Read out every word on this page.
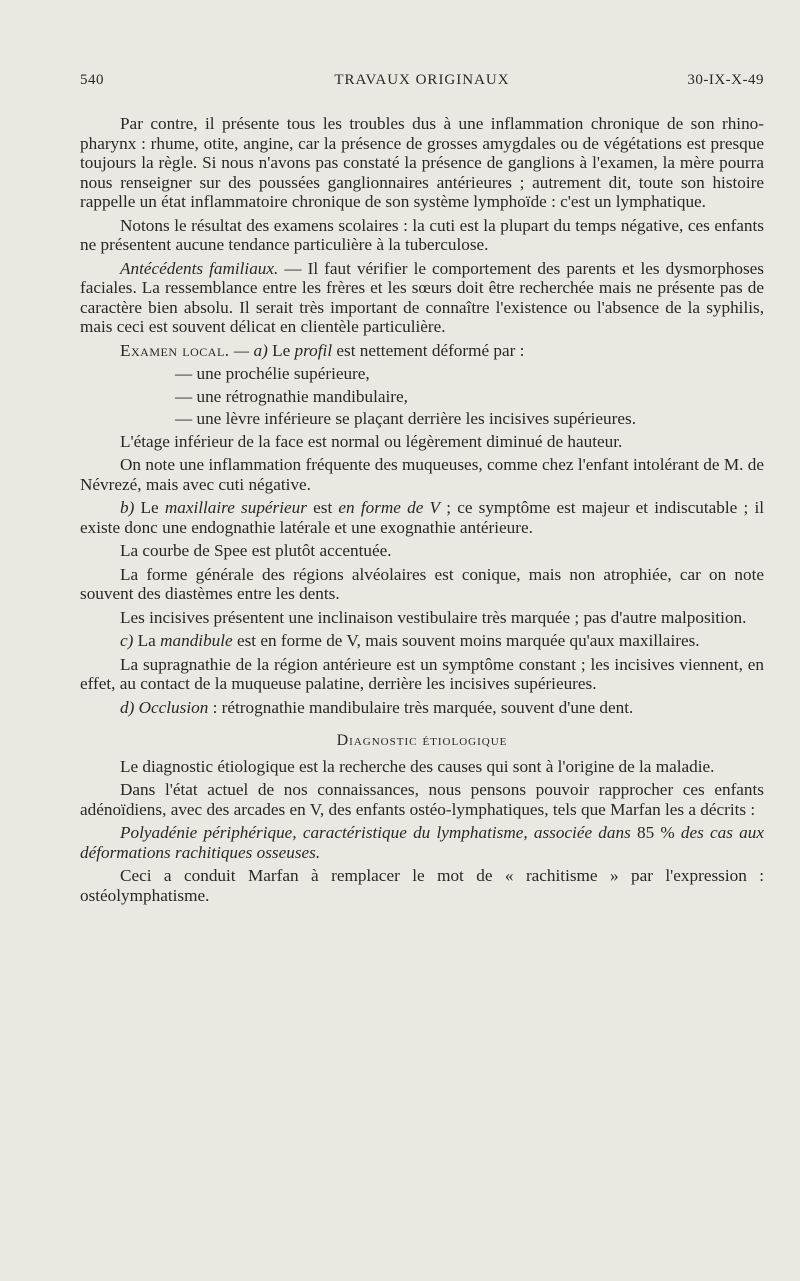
540	TRAVAUX ORIGINAUX	30-IX-X-49

Par contre, il présente tous les troubles dus à une inflammation chronique de son rhino-pharynx : rhume, otite, angine, car la présence de grosses amygdales ou de végétations est presque toujours la règle. Si nous n'avons pas constaté la présence de ganglions à l'examen, la mère pourra nous renseigner sur des poussées ganglionnaires antérieures ; autrement dit, toute son histoire rappelle un état inflammatoire chronique de son système lymphoïde : c'est un lymphatique.

Notons le résultat des examens scolaires : la cuti est la plupart du temps négative, ces enfants ne présentent aucune tendance particulière à la tuberculose.

Antécédents familiaux. — Il faut vérifier le comportement des parents et les dysmorphoses faciales. La ressemblance entre les frères et les sœurs doit être recherchée mais ne présente pas de caractère bien absolu. Il serait très important de connaître l'existence ou l'absence de la syphilis, mais ceci est souvent délicat en clientèle particulière.

Examen local. — a) Le profil est nettement déformé par :

— une prochélie supérieure,

— une rétrognathie mandibulaire,

— une lèvre inférieure se plaçant derrière les incisives supérieures.

L'étage inférieur de la face est normal ou légèrement diminué de hauteur.

On note une inflammation fréquente des muqueuses, comme chez l'enfant intolérant de M. de Névrezé, mais avec cuti négative.

b) Le maxillaire supérieur est en forme de V ; ce symptôme est majeur et indiscutable ; il existe donc une endognathie latérale et une exognathie antérieure.

La courbe de Spee est plutôt accentuée.

La forme générale des régions alvéolaires est conique, mais non atrophiée, car on note souvent des diastèmes entre les dents.

Les incisives présentent une inclinaison vestibulaire très marquée ; pas d'autre malposition.

c) La mandibule est en forme de V, mais souvent moins marquée qu'aux maxillaires.

La supragnathie de la région antérieure est un symptôme constant ; les incisives viennent, en effet, au contact de la muqueuse palatine, derrière les incisives supérieures.

d) Occlusion : rétrognathie mandibulaire très marquée, souvent d'une dent.

Diagnostic étiologique

Le diagnostic étiologique est la recherche des causes qui sont à l'origine de la maladie.

Dans l'état actuel de nos connaissances, nous pensons pouvoir rapprocher ces enfants adénoïdiens, avec des arcades en V, des enfants ostéo-lymphatiques, tels que Marfan les a décrits :

Polyadénie périphérique, caractéristique du lymphatisme, associée dans 85 % des cas aux déformations rachitiques osseuses.

Ceci a conduit Marfan à remplacer le mot de « rachitisme » par l'expression : ostéolymphatisme.
